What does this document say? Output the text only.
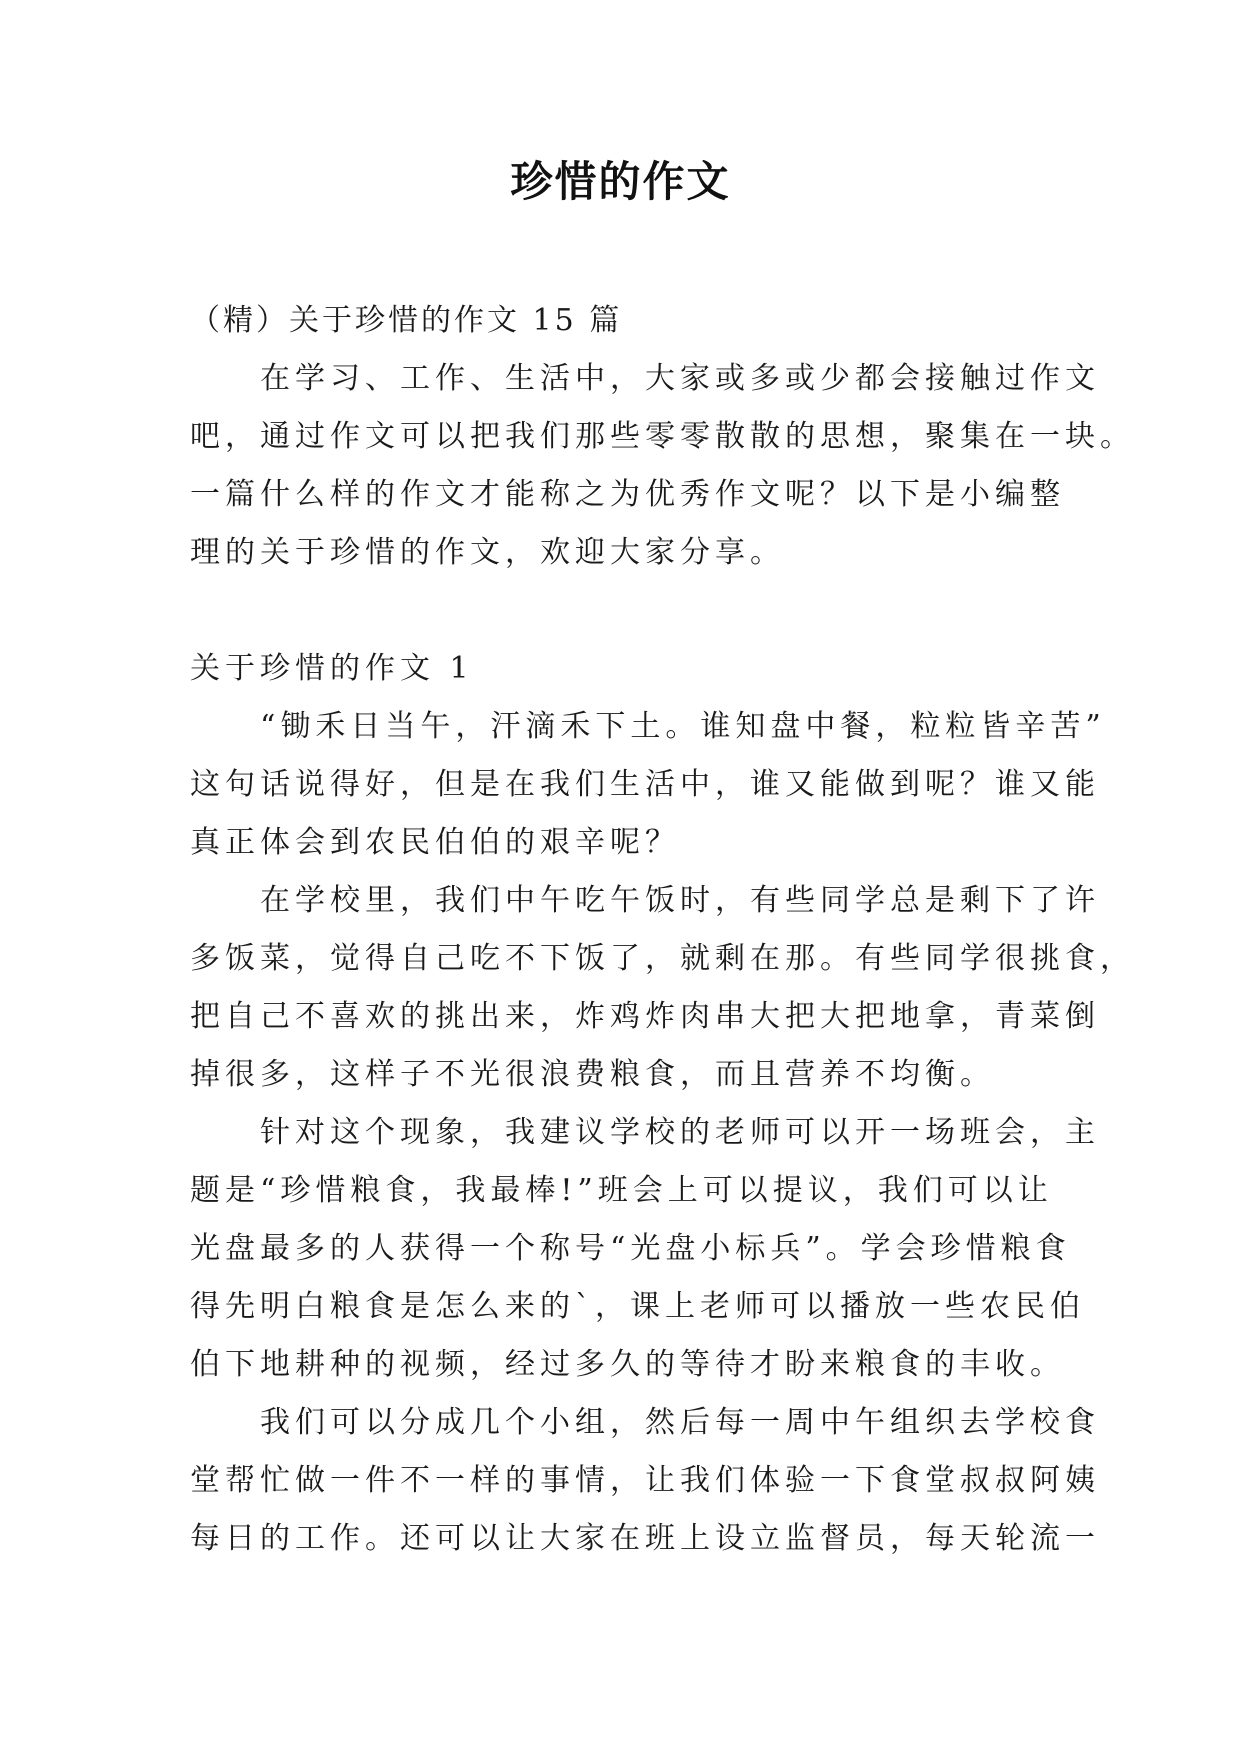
珍惜的作文
（精）关于珍惜的作文 15 篇
在学习、工作、生活中，大家或多或少都会接触过作文
吧，通过作文可以把我们那些零零散散的思想，聚集在一块。
一篇什么样的作文才能称之为优秀作文呢？以下是小编整
理的关于珍惜的作文，欢迎大家分享。
关于珍惜的作文 1
“锄禾日当午，汗滴禾下土。谁知盘中餐，粒粒皆辛苦”
这句话说得好，但是在我们生活中，谁又能做到呢？谁又能
真正体会到农民伯伯的艰辛呢？
在学校里，我们中午吃午饭时，有些同学总是剩下了许
多饭菜，觉得自己吃不下饭了，就剩在那。有些同学很挑食，
把自己不喜欢的挑出来，炸鸡炸肉串大把大把地拿，青菜倒
掉很多，这样子不光很浪费粮食，而且营养不均衡。
针对这个现象，我建议学校的老师可以开一场班会，主
题是“珍惜粮食，我最棒!”班会上可以提议，我们可以让
光盘最多的人获得一个称号“光盘小标兵”。学会珍惜粮食
得先明白粮食是怎么来的`，课上老师可以播放一些农民伯
伯下地耕种的视频，经过多久的等待才盼来粮食的丰收。
我们可以分成几个小组，然后每一周中午组织去学校食
堂帮忙做一件不一样的事情，让我们体验一下食堂叔叔阿姨
每日的工作。还可以让大家在班上设立监督员，每天轮流一
